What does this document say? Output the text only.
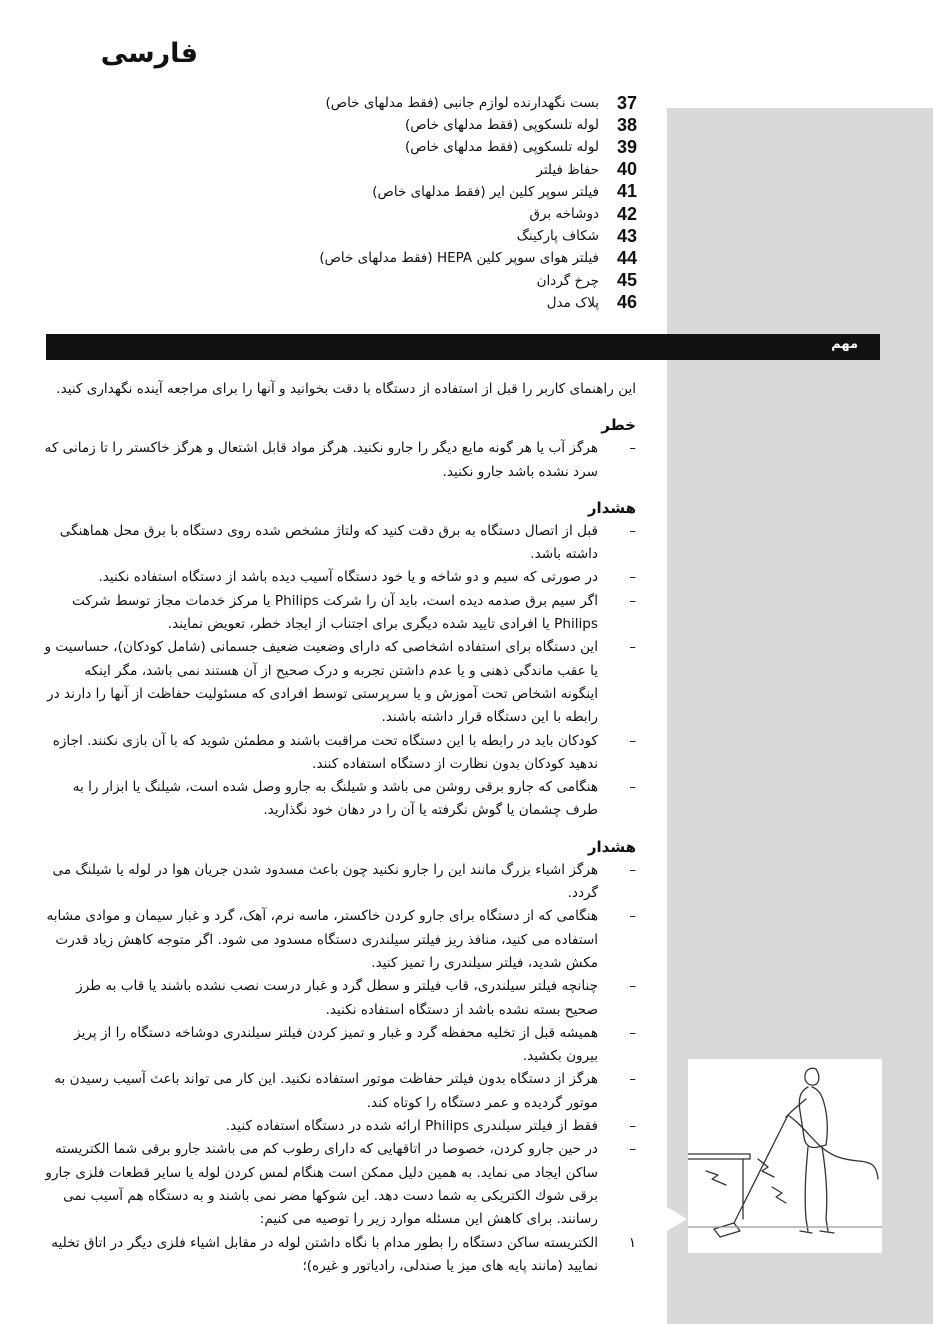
فارسی
37
بست نگهدارنده لوازم جانبی (فقط مدلهای خاص)
38
لوله تلسکوپی (فقط مدلهای خاص)
39
لوله تلسکوپی (فقط مدلهای خاص)
40
حفاظ فیلتر
41
فیلتر سوپر کلین ایر (فقط مدلهای خاص)
42
دوشاخه برق
43
شکاف پارکینگ
44
فیلتر هوای سوپر کلین HEPA (فقط مدلهای خاص)
45
چرخ گردان
46
پلاک مدل
مهم

این راهنمای کاربر را قبل از استفاده از دستگاه با دقت بخوانید و آنها را برای مراجعه آینده نگهداری کنید.

خطر
–
هرگز آب یا هر گونه مایع دیگر را جارو نکنید. هرگز مواد قابل اشتعال و هرگز خاکستر را تا زمانی که سرد نشده باشد جارو نکنید.
هشدار
–
قبل از اتصال دستگاه به برق دقت کنید که ولتاژ مشخص شده روی دستگاه با برق محل هماهنگی داشته باشد.
–
در صورتی که سیم و دو شاخه و یا خود دستگاه آسیب دیده باشد از دستگاه استفاده نکنید.
–
اگر سیم برق صدمه دیده است، باید آن را شرکت Philips یا مرکز خدمات مجاز توسط شرکت Philips یا افرادی تایید شده دیگری برای اجتناب از ایجاد خطر، تعویض نمایند.
–
این دستگاه برای استفاده اشخاصی که دارای وضعیت ضعیف جسمانی (شامل کودکان)، حساسیت و یا عقب ماندگی ذهنی و یا عدم داشتن تجربه و درک صحیح از آن هستند نمی باشد، مگر اینکه اینگونه اشخاص تحت آموزش و یا سرپرستی توسط افرادی که مسئولیت حفاظت از آنها را دارند در رابطه با این دستگاه قرار داشته باشند.
–
کودکان باید در رابطه با این دستگاه تحت مراقبت باشند و مطمئن شوید که با آن بازی نکنند. اجازه ندهید کودکان بدون نظارت از دستگاه استفاده کنند.
–
هنگامی که جارو برقی روشن می باشد و شیلنگ به جارو وصل شده است، شیلنگ یا ابزار را به طرف چشمان یا گوش نگرفته یا آن را در دهان خود نگذارید.
هشدار
–
هرگز اشیاء بزرگ مانند این را جارو نکنید چون باعث مسدود شدن جریان هوا در لوله یا شیلنگ می گردد.
–
هنگامی که از دستگاه برای جارو کردن خاکستر، ماسه نرم، آهک، گرد و غبار سیمان و موادی مشابه استفاده می کنید، منافذ ریز فیلتر سیلندری دستگاه مسدود می شود. اگر متوجه کاهش زیاد قدرت مکش شدید، فیلتر سیلندری را تمیز کنید.
–
چنانچه فیلتر سیلندری، قاب فیلتر و سطل گرد و غبار درست نصب نشده باشند یا قاب به طرز صحیح بسته نشده باشد از دستگاه استفاده نکنید.
–
همیشه قبل از تخلیه محفظه گرد و غبار و تمیز کردن فیلتر سیلندری دوشاخه دستگاه را از پریز بیرون بکشید.
–
هرگز از دستگاه بدون فیلتر حفاظت موتور استفاده نکنید. این کار می تواند باعث آسیب رسیدن به موتور گردیده و عمر دستگاه را کوتاه کند.
–
فقط از فیلتر سیلندری Philips ارائه شده در دستگاه استفاده کنید.
–
در حین جارو کردن، خصوصا در اتاقهایی که دارای رطوب کم می باشند جارو برقی شما الکتریسته ساکن ایجاد می نماید. به همین دلیل ممکن است هنگام لمس کردن لوله یا سایر قطعات فلزی جارو برقی شوك الکتریکی به شما دست دهد. این شوکها مضر نمی باشند و به دستگاه هم آسیب نمی رسانند. برای کاهش این مسئله موارد زیر را توصیه می کنیم:
۱
الکتریسته ساکن دستگاه را بطور مدام با نگاه داشتن لوله در مقابل اشیاء فلزی دیگر در اتاق تخلیه نمایید (مانند پایه های میز یا صندلی، رادیاتور و غیره)؛
